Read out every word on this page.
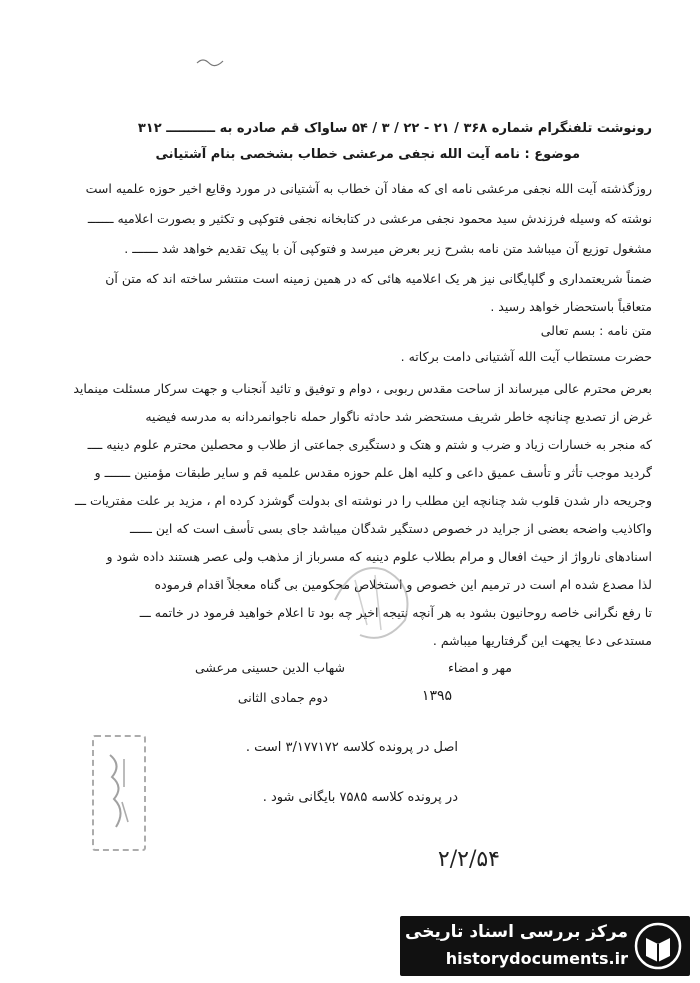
رونوشت تلفنگرام شماره ۳۶۸ / ۲۱ - ۲۲ / ۳ / ۵۴ ساواک قم صادره به ـــــــــــ ۳۱۲
موضوع : نامه آیت الله نجفی مرعشی خطاب بشخصی بنام آشتیانی
روزگذشته آیت الله نجفی مرعشی نامه ای که مفاد آن خطاب به آشتیانی در مورد وقایع اخیر حوزه علمیه است
نوشته که وسیله فرزندش سید محمود نجفی مرعشی در کتابخانه نجفی فتوکپی و تکثیر و بصورت اعلامیه ـــــــ
مشغول توزیع آن میباشد متن نامه بشرح زیر بعرض میرسد و فتوکپی آن با پیک تقدیم خواهد شد ـــــــ .
ضمناً شریعتمداری و گلپایگانی نیز هر یک اعلامیه هائی که در همین زمینه است منتشر ساخته اند که متن آن
متعاقباً باستحضار خواهد رسید .
متن نامه : بسم تعالی
حضرت مستطاب آیت الله آشتیانی دامت برکاته .
بعرض محترم عالی میرساند از ساحت مقدس ربوبی ، دوام و توفیق و تائید آنجناب و جهت سرکار مسئلت مینماید
غرض از تصدیع چنانچه خاطر شریف مستحضر شد حادثه ناگوار حمله ناجوانمردانه به مدرسه فیضیه
که منجر به خسارات زیاد و ضرب و شتم و هتک و دستگیری جماعتی از طلاب و محصلین محترم علوم دینیه ــــ
گردید موجب تأثر و تأسف عمیق داعی و کلیه اهل علم حوزه مقدس علمیه قم و سایر طبقات مؤمنین ـــــــ و
وجریحه دار شدن قلوب شد چنانچه این مطلب را در نوشته ای بدولت گوشزد کرده ام ، مزید بر علت مفتریات ـــ
واکاذیب واضحه بعضی از جراید در خصوص دستگیر شدگان میباشد جای بسی تأسف است که این ــــــ
اسنادهای نارواژ از حیث افعال و مرام بطلاب علوم دینیه که مسرباز از مذهب ولی عصر هستند داده شود و
لذا مصدع شده ام است در ترمیم این خصوص و استخلاص محکومین بی گناه معجلاً اقدام فرموده
تا رفع نگرانی خاصه روحانیون بشود به هر آنچه نتیجه اخیر چه بود تا اعلام خواهید فرمود در خاتمه ـــ
مستدعی دعا یجهت این گرفتاریها میباشم .
شهاب الدین حسینی مرعشی	مهر و امضاء
دوم جمادی الثانی	۱۳۹۵
اصل در پرونده کلاسه ۳/۱۷۷۱۷۲ است .
در پرونده کلاسه ۷۵۸۵ بایگانی شود .
۲/۲/۵۴
مرکز بررسی اسناد تاریخی
historydocuments.ir
